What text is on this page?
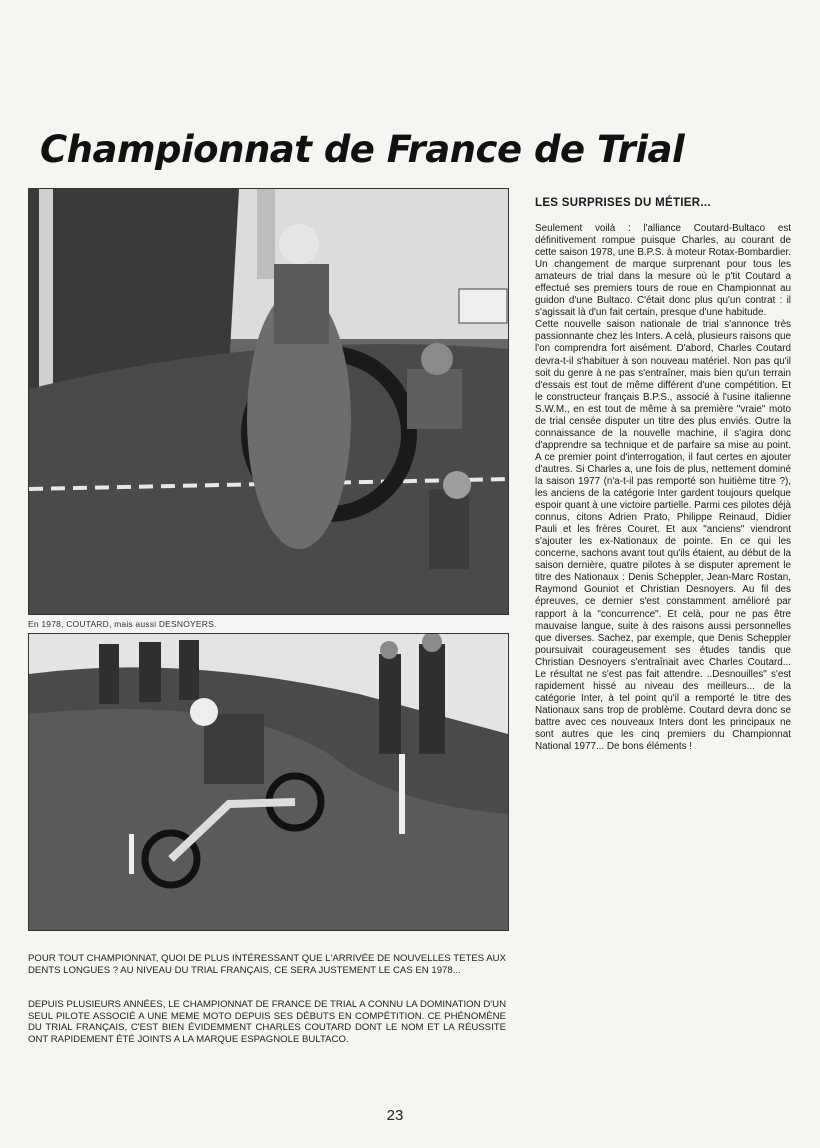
Championnat de France de Trial
En 1978, COUTARD, mais aussi DESNOYERS.

POUR TOUT CHAMPIONNAT, QUOI DE PLUS INTÉRESSANT QUE L'ARRIVÉE DE NOUVELLES TETES AUX DENTS LONGUES ? AU NIVEAU DU TRIAL FRANÇAIS, CE SERA JUSTEMENT LE CAS EN 1978...

DEPUIS PLUSIEURS ANNÉES, LE CHAMPIONNAT DE FRANCE DE TRIAL A CONNU LA DOMINATION D'UN SEUL PILOTE ASSOCIÉ A UNE MEME MOTO DEPUIS SES DÉBUTS EN COMPÉTITION. CE PHÉNOMÈNE DU TRIAL FRANÇAIS, C'EST BIEN ÉVIDEMMENT CHARLES COUTARD DONT LE NOM ET LA RÉUSSITE ONT RAPIDEMENT ÉTÉ JOINTS A LA MARQUE ESPAGNOLE BULTACO.

LES SURPRISES DU MÉTIER...

Seulement voilà : l'alliance Coutard-Bultaco est définitivement rompue puisque Charles, au courant de cette saison 1978, une B.P.S. à moteur Rotax-Bombardier. Un changement de marque surprenant pour tous les amateurs de trial dans la mesure où le p'tit Coutard a effectué ses premiers tours de roue en Championnat au guidon d'une Bultaco. C'était donc plus qu'un contrat : il s'agissait là d'un fait certain, presque d'une habitude.

Cette nouvelle saison nationale de trial s'annonce très passionnante chez les Inters. A celà, plusieurs raisons que l'on comprendra fort aisément. D'abord, Charles Coutard devra-t-il s'habituer à son nouveau matériel. Non pas qu'il soit du genre à ne pas s'entraîner, mais bien qu'un terrain d'essais est tout de même différent d'une compétition. Et le constructeur français B.P.S., associé à l'usine italienne S.W.M., en est tout de même à sa première "vraie" moto de trial censée disputer un titre des plus enviés. Outre la connaissance de la nouvelle machine, il s'agira donc d'apprendre sa technique et de parfaire sa mise au point. A ce premier point d'interrogation, il faut certes en ajouter d'autres. Si Charles a, une fois de plus, nettement dominé la saison 1977 (n'a-t-il pas remporté son huitième titre ?), les anciens de la catégorie Inter gardent toujours quelque espoir quant à une victoire partielle. Parmi ces pilotes déjà connus, citons Adrien Prato, Philippe Reinaud, Didier Pauli et les frères Couret. Et aux "anciens" viendront s'ajouter les ex-Nationaux de pointe. En ce qui les concerne, sachons avant tout qu'ils étaient, au début de la saison dernière, quatre pilotes à se disputer aprement le titre des Nationaux : Denis Scheppler, Jean-Marc Rostan, Raymond Gouniot et Christian Desnoyers. Au fil des épreuves, ce dernier s'est constamment amélioré par rapport à la "concurrence". Et celà, pour ne pas être mauvaise langue, suite à des raisons aussi personnelles que diverses. Sachez, par exemple, que Denis Scheppler poursuivait courageusement ses études tandis que Christian Desnoyers s'entraînait avec Charles Coutard... Le résultat ne s'est pas fait attendre. ..Desnouilles" s'est rapidement hissé au niveau des meilleurs... de la catégorie Inter, à tel point qu'il a remporté le titre des Nationaux sans trop de problème. Coutard devra donc se battre avec ces nouveaux Inters dont les principaux ne sont autres que les cinq premiers du Championnat National 1977... De bons éléments !

23
